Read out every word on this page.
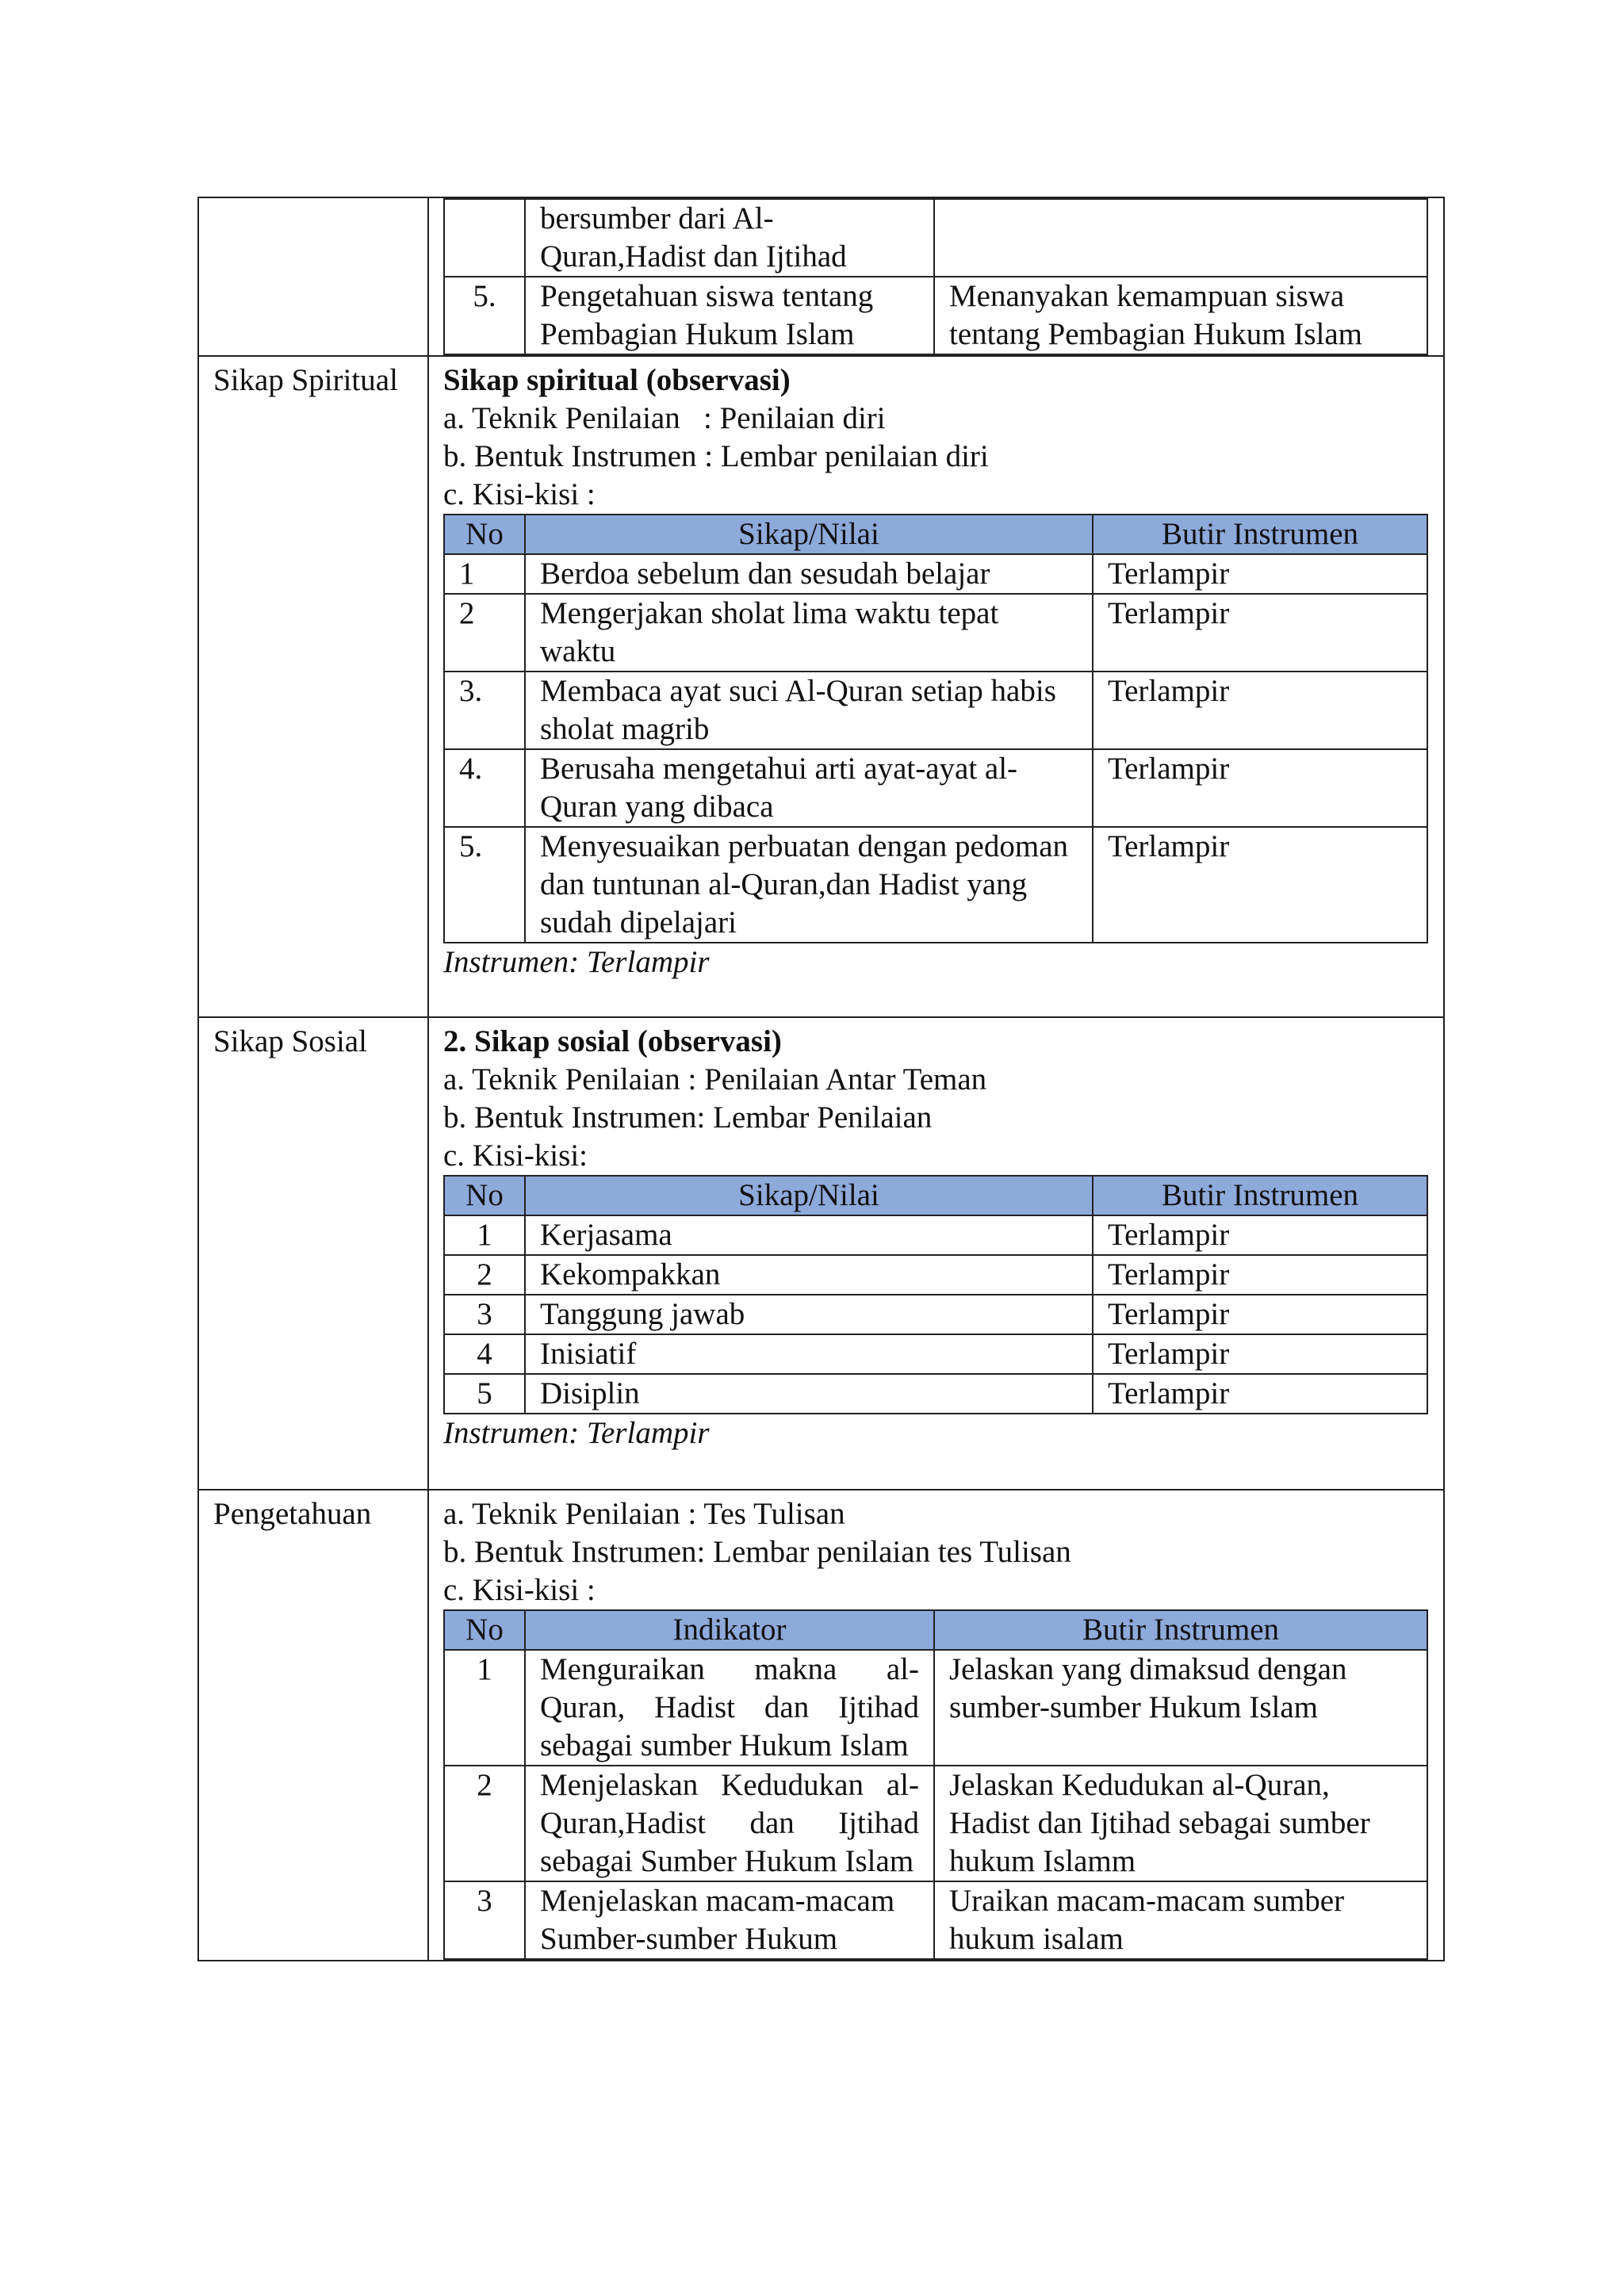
	bersumber dari Al-Quran,Hadist dan Ijtihad	
5.	Pengetahuan siswa tentang Pembagian Hukum Islam	Menanyakan kemampuan siswa tentang Pembagian Hukum Islam

Sikap Spiritual	Sikap spiritual (observasi)
a. Teknik Penilaian   : Penilaian diri
b. Bentuk Instrumen : Lembar penilaian diri
c. Kisi-kisi :
No	Sikap/Nilai	Butir Instrumen
1	Berdoa sebelum dan sesudah belajar	Terlampir
2	Mengerjakan sholat lima waktu tepat waktu	Terlampir
3.	Membaca ayat suci Al-Quran setiap habis sholat magrib	Terlampir
4.	Berusaha mengetahui arti ayat-ayat al-Quran yang dibaca	Terlampir
5.	Menyesuaikan perbuatan dengan pedoman dan tuntunan al-Quran,dan Hadist yang sudah dipelajari	Terlampir
Instrumen: Terlampir

Sikap Sosial	2. Sikap sosial (observasi)
a. Teknik Penilaian : Penilaian Antar Teman
b. Bentuk Instrumen: Lembar Penilaian
c. Kisi-kisi:
No	Sikap/Nilai	Butir Instrumen
1	Kerjasama	Terlampir
2	Kekompakkan	Terlampir
3	Tanggung jawab	Terlampir
4	Inisiatif	Terlampir
5	Disiplin	Terlampir
Instrumen: Terlampir

Pengetahuan	a. Teknik Penilaian : Tes Tulisan
b. Bentuk Instrumen: Lembar penilaian tes Tulisan
c. Kisi-kisi :
No	Indikator	Butir Instrumen
1	Menguraikan makna al-Quran, Hadist dan Ijtihad sebagai sumber Hukum Islam	Jelaskan yang dimaksud dengan sumber-sumber Hukum Islam
2	Menjelaskan Kedudukan al-Quran,Hadist dan Ijtihad sebagai Sumber Hukum Islam	Jelaskan Kedudukan al-Quran, Hadist dan Ijtihad sebagai sumber hukum Islamm
3	Menjelaskan macam-macam Sumber-sumber Hukum	Uraikan macam-macam sumber hukum isalam
